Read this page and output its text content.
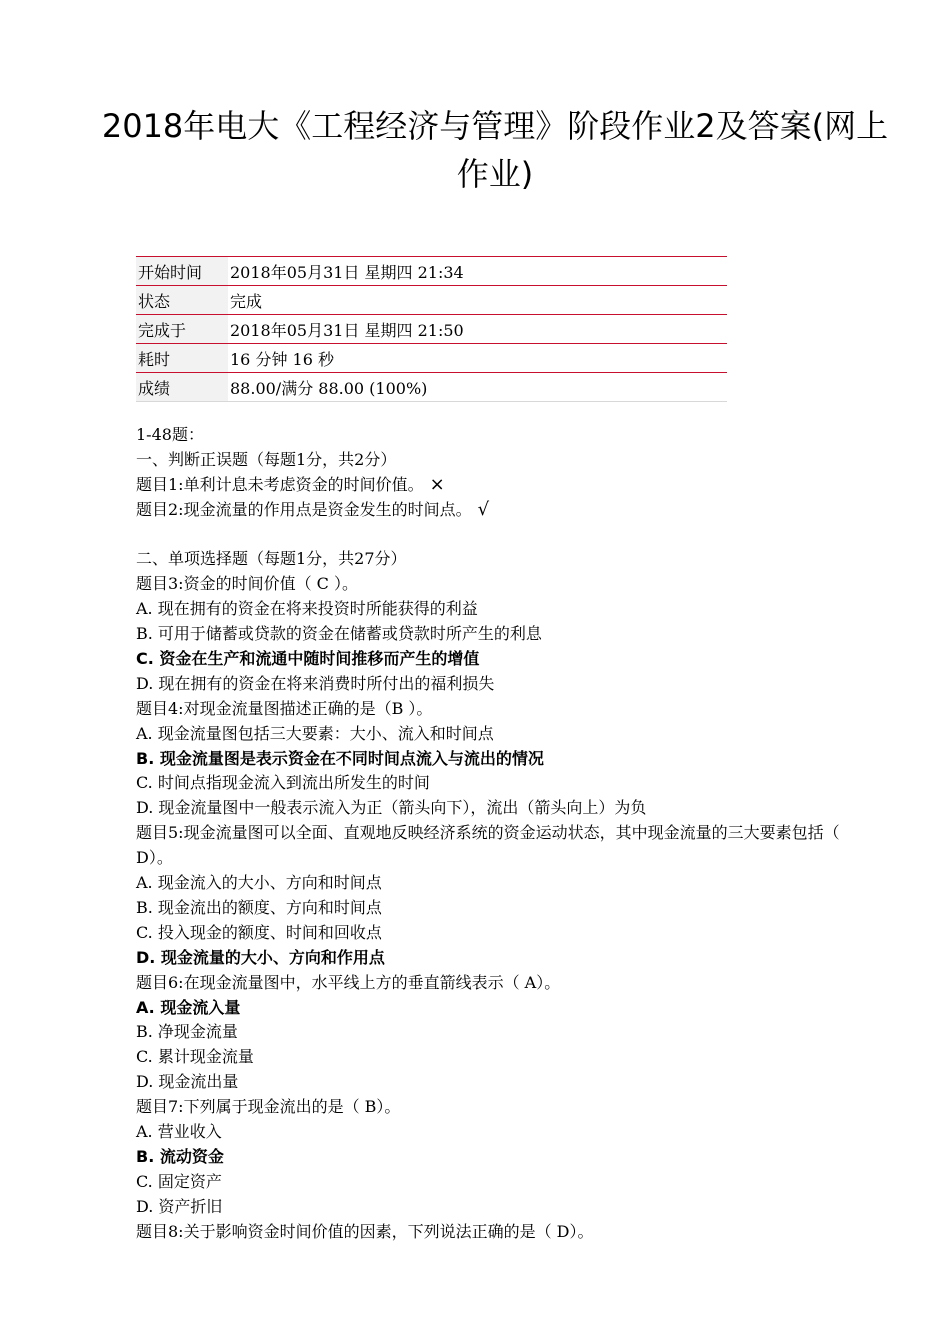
2018年电大《工程经济与管理》阶段作业2及答案(网上作业)
开始时间	2018年05月31日 星期四 21:34
状态	完成
完成于	2018年05月31日 星期四 21:50
耗时	16 分钟 16 秒
成绩	88.00/满分 88.00 (100%)
1-48题：
一、判断正误题（每题1分，共2分）
题目1:单利计息未考虑资金的时间价值。 ×
题目2:现金流量的作用点是资金发生的时间点。 √
二、单项选择题（每题1分，共27分）
题目3:资金的时间价值（ C ）。
A. 现在拥有的资金在将来投资时所能获得的利益
B. 可用于储蓄或贷款的资金在储蓄或贷款时所产生的利息
C. 资金在生产和流通中随时间推移而产生的增值
D. 现在拥有的资金在将来消费时所付出的福利损失
题目4:对现金流量图描述正确的是（B ）。
A. 现金流量图包括三大要素：大小、流入和时间点
B. 现金流量图是表示资金在不同时间点流入与流出的情况
C. 时间点指现金流入到流出所发生的时间
D. 现金流量图中一般表示流入为正（箭头向下），流出（箭头向上）为负
题目5:现金流量图可以全面、直观地反映经济系统的资金运动状态，其中现金流量的三大要素包括（ D）。
A. 现金流入的大小、方向和时间点
B. 现金流出的额度、方向和时间点
C. 投入现金的额度、时间和回收点
D. 现金流量的大小、方向和作用点
题目6:在现金流量图中，水平线上方的垂直箭线表示（ A）。
A. 现金流入量
B. 净现金流量
C. 累计现金流量
D. 现金流出量
题目7:下列属于现金流出的是（ B）。
A. 营业收入
B. 流动资金
C. 固定资产
D. 资产折旧
题目8:关于影响资金时间价值的因素，下列说法正确的是（ D）。
